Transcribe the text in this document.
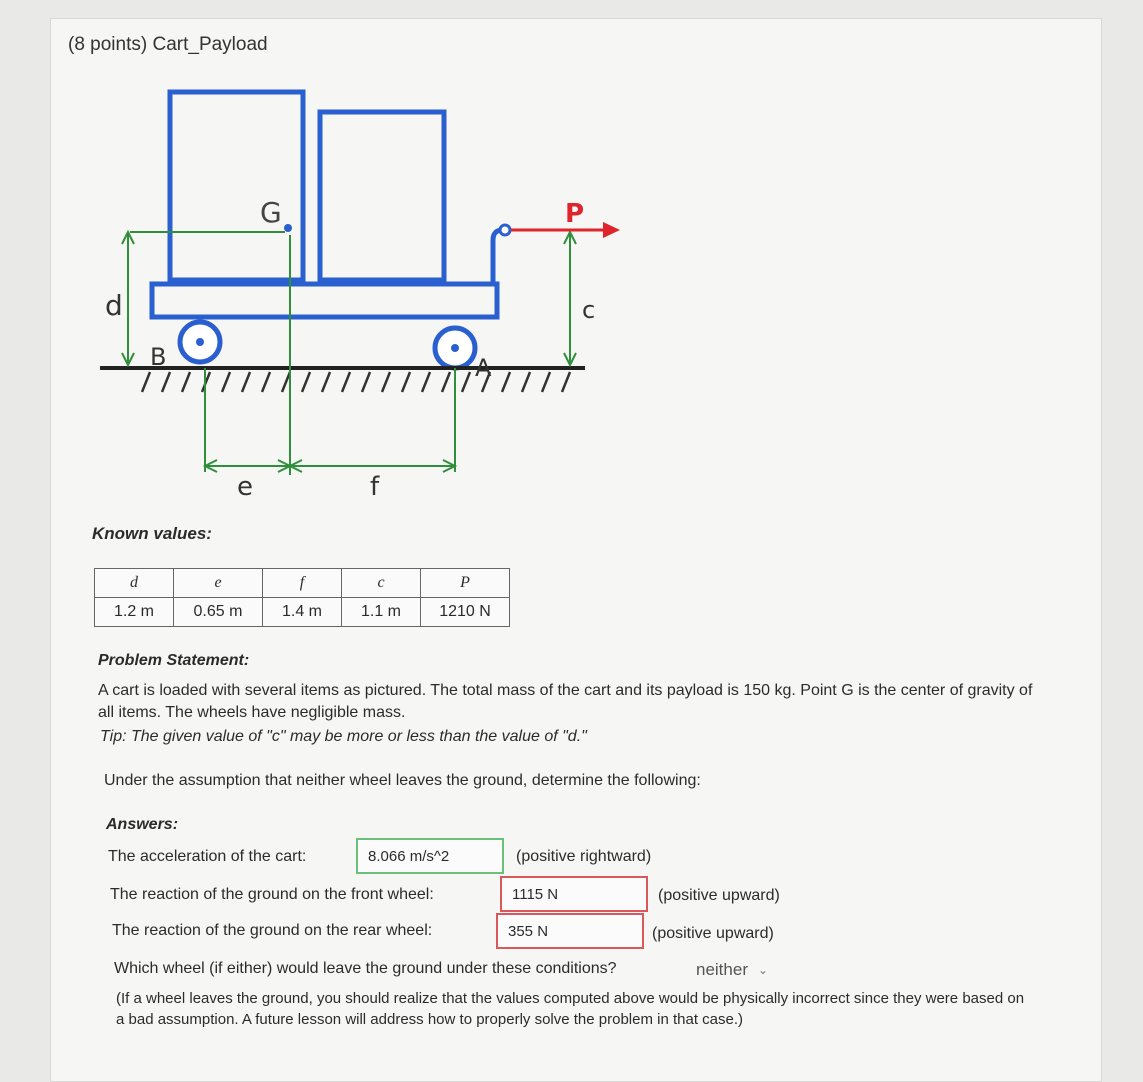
(8 points) Cart_Payload
G	P
c
d
B	A
e	f
Known values:
d	e	f	c	P
1.2 m	0.65 m	1.4 m	1.1 m	1210 N
Problem Statement:
A cart is loaded with several items as pictured. The total mass of the cart and its payload is 150 kg. Point G is the center of gravity of all items. The wheels have negligible mass.
Tip: The given value of "c" may be more or less than the value of "d."
Under the assumption that neither wheel leaves the ground, determine the following:
Answers:
The acceleration of the cart:	8.066 m/s^2	(positive rightward)
The reaction of the ground on the front wheel:	1115 N	(positive upward)
The reaction of the ground on the rear wheel:	355 N	(positive upward)
Which wheel (if either) would leave the ground under these conditions?	neither ⌄
(If a wheel leaves the ground, you should realize that the values computed above would be physically incorrect since they were based on a bad assumption. A future lesson will address how to properly solve the problem in that case.)
